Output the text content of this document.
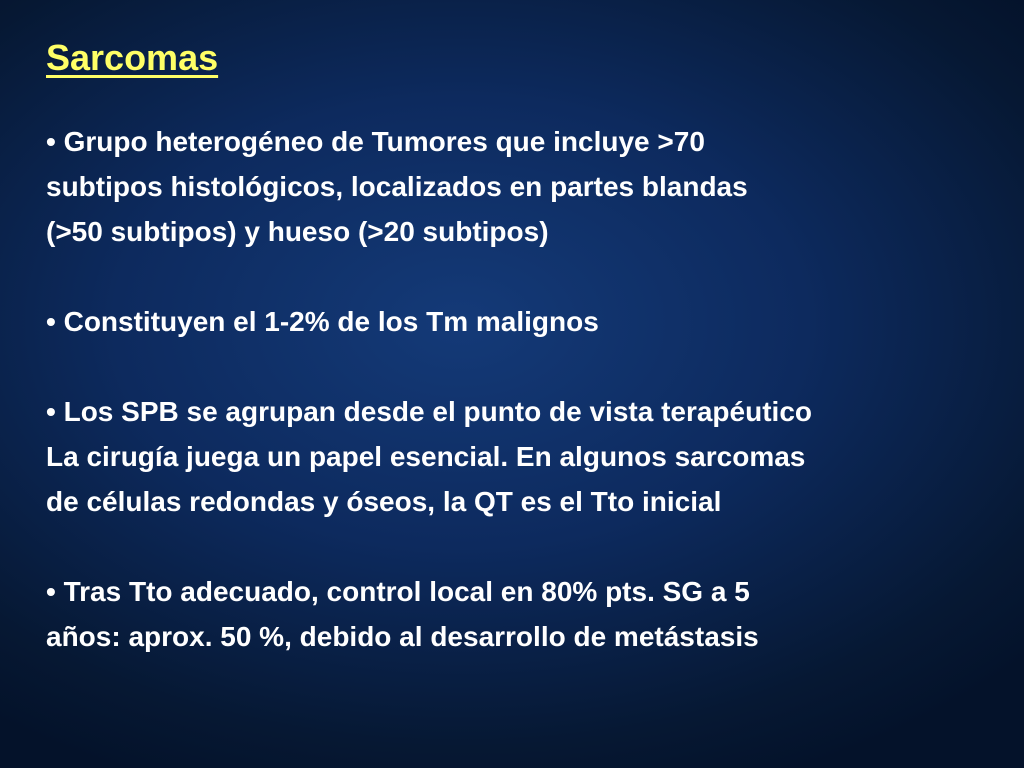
Sarcomas
• Grupo heterogéneo de Tumores que incluye >70
subtipos histológicos, localizados en partes blandas
(>50 subtipos) y hueso (>20 subtipos)
• Constituyen el 1-2% de los Tm malignos
• Los SPB se agrupan desde el punto de vista terapéutico
La cirugía juega un papel esencial. En algunos sarcomas
de células redondas y óseos, la QT es el Tto inicial
• Tras Tto adecuado, control local en 80% pts. SG a 5
años: aprox. 50 %, debido al desarrollo de metástasis
